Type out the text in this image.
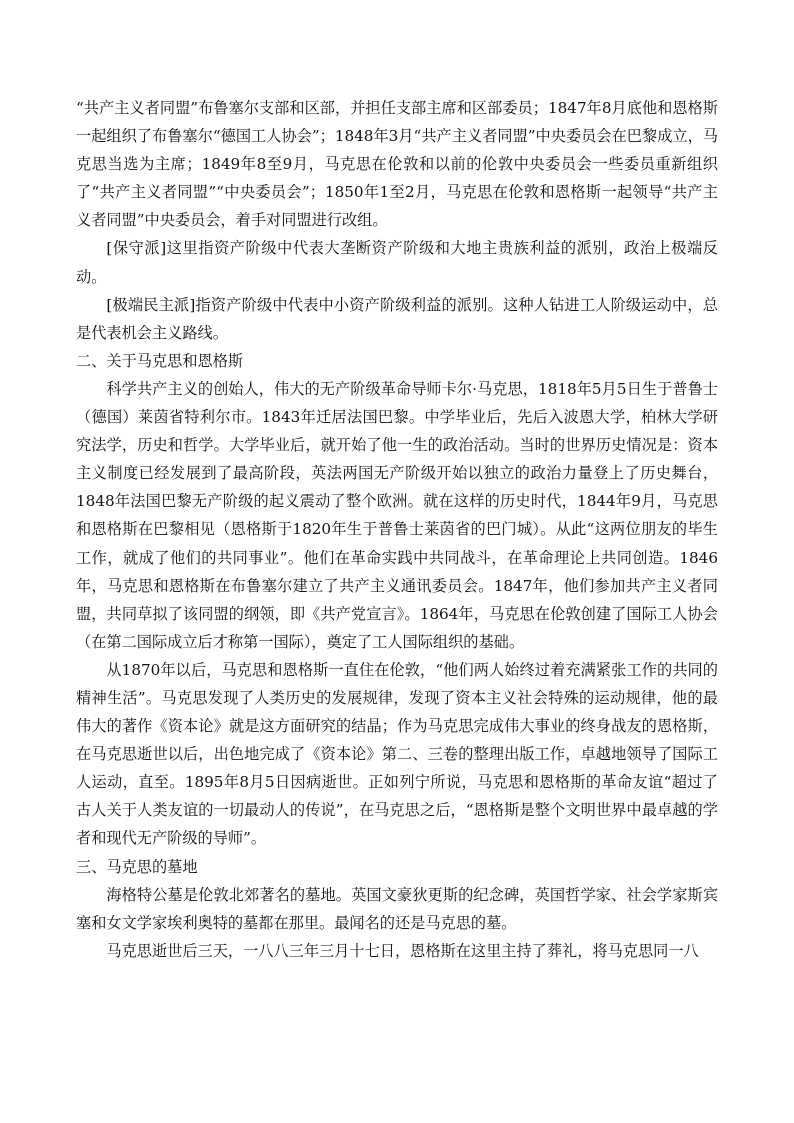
“共产主义者同盟”布鲁塞尔支部和区部，并担任支部主席和区部委员；1847年8月底他和恩格斯一起组织了布鲁塞尔“德国工人协会”；1848年3月“共产主义者同盟”中央委员会在巴黎成立，马克思当选为主席；1849年8至9月，马克思在伦敦和以前的伦敦中央委员会一些委员重新组织了“共产主义者同盟”“中央委员会”；1850年1至2月，马克思在伦敦和恩格斯一起领导“共产主义者同盟”中央委员会，着手对同盟进行改组。

[保守派]这里指资产阶级中代表大垄断资产阶级和大地主贵族利益的派别，政治上极端反动。

[极端民主派]指资产阶级中代表中小资产阶级利益的派别。这种人钻进工人阶级运动中，总是代表机会主义路线。

二、关于马克思和恩格斯

科学共产主义的创始人，伟大的无产阶级革命导师卡尔·马克思，1818年5月5日生于普鲁士（德国）莱茵省特利尔市。1843年迁居法国巴黎。中学毕业后，先后入波恩大学，柏林大学研究法学，历史和哲学。大学毕业后，就开始了他一生的政治活动。当时的世界历史情况是：资本主义制度已经发展到了最高阶段，英法两国无产阶级开始以独立的政治力量登上了历史舞台，1848年法国巴黎无产阶级的起义震动了整个欧洲。就在这样的历史时代，1844年9月，马克思和恩格斯在巴黎相见（恩格斯于1820年生于普鲁士莱茵省的巴门城）。从此“这两位朋友的毕生工作，就成了他们的共同事业”。他们在革命实践中共同战斗，在革命理论上共同创造。1846年，马克思和恩格斯在布鲁塞尔建立了共产主义通讯委员会。1847年，他们参加共产主义者同盟，共同草拟了该同盟的纲领，即《共产党宣言》。1864年，马克思在伦敦创建了国际工人协会（在第二国际成立后才称第一国际），奠定了工人国际组织的基础。

从1870年以后，马克思和恩格斯一直住在伦敦，“他们两人始终过着充满紧张工作的共同的精神生活”。马克思发现了人类历史的发展规律，发现了资本主义社会特殊的运动规律，他的最伟大的著作《资本论》就是这方面研究的结晶；作为马克思完成伟大事业的终身战友的恩格斯，在马克思逝世以后，出色地完成了《资本论》第二、三卷的整理出版工作，卓越地领导了国际工人运动，直至。1895年8月5日因病逝世。正如列宁所说，马克思和恩格斯的革命友谊“超过了古人关于人类友谊的一切最动人的传说”，在马克思之后，“恩格斯是整个文明世界中最卓越的学者和现代无产阶级的导师”。

三、马克思的墓地

海格特公墓是伦敦北郊著名的墓地。英国文豪狄更斯的纪念碑，英国哲学家、社会学家斯宾塞和女文学家埃利奥特的墓都在那里。最闻名的还是马克思的墓。

马克思逝世后三天，一八八三年三月十七日，恩格斯在这里主持了葬礼，将马克思同一八
